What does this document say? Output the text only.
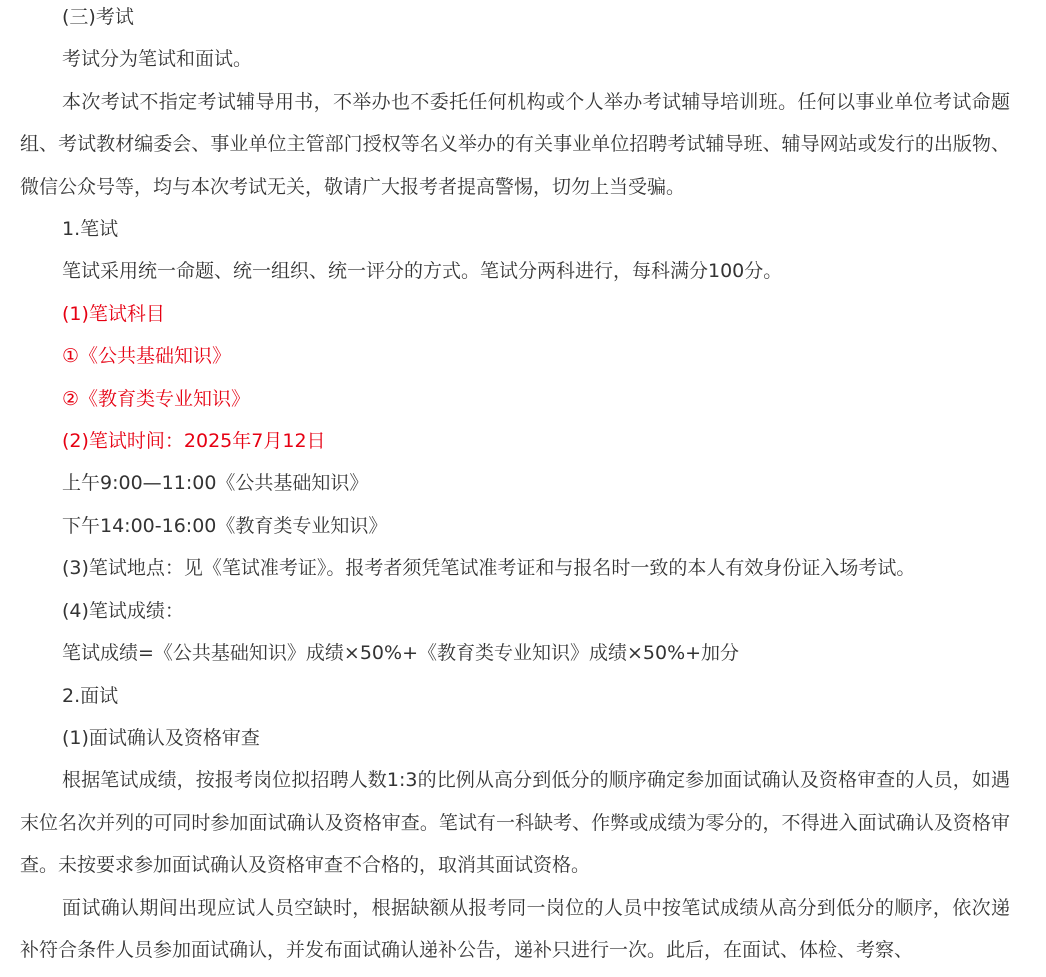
(三)考试

考试分为笔试和面试。

本次考试不指定考试辅导用书，不举办也不委托任何机构或个人举办考试辅导培训班。任何以事业单位考试命题组、考试教材编委会、事业单位主管部门授权等名义举办的有关事业单位招聘考试辅导班、辅导网站或发行的出版物、微信公众号等，均与本次考试无关，敬请广大报考者提高警惕，切勿上当受骗。

1.笔试

笔试采用统一命题、统一组织、统一评分的方式。笔试分两科进行，每科满分100分。

(1)笔试科目

①《公共基础知识》

②《教育类专业知识》

(2)笔试时间：2025年7月12日

上午9:00—11:00《公共基础知识》

下午14:00-16:00《教育类专业知识》

(3)笔试地点：见《笔试准考证》。报考者须凭笔试准考证和与报名时一致的本人有效身份证入场考试。

(4)笔试成绩：

笔试成绩=《公共基础知识》成绩×50%+《教育类专业知识》成绩×50%+加分

2.面试

(1)面试确认及资格审查

根据笔试成绩，按报考岗位拟招聘人数1:3的比例从高分到低分的顺序确定参加面试确认及资格审查的人员，如遇末位名次并列的可同时参加面试确认及资格审查。笔试有一科缺考、作弊或成绩为零分的，不得进入面试确认及资格审查。未按要求参加面试确认及资格审查不合格的，取消其面试资格。

面试确认期间出现应试人员空缺时，根据缺额从报考同一岗位的人员中按笔试成绩从高分到低分的顺序，依次递补符合条件人员参加面试确认，并发布面试确认递补公告，递补只进行一次。此后，在面试、体检、考察、
